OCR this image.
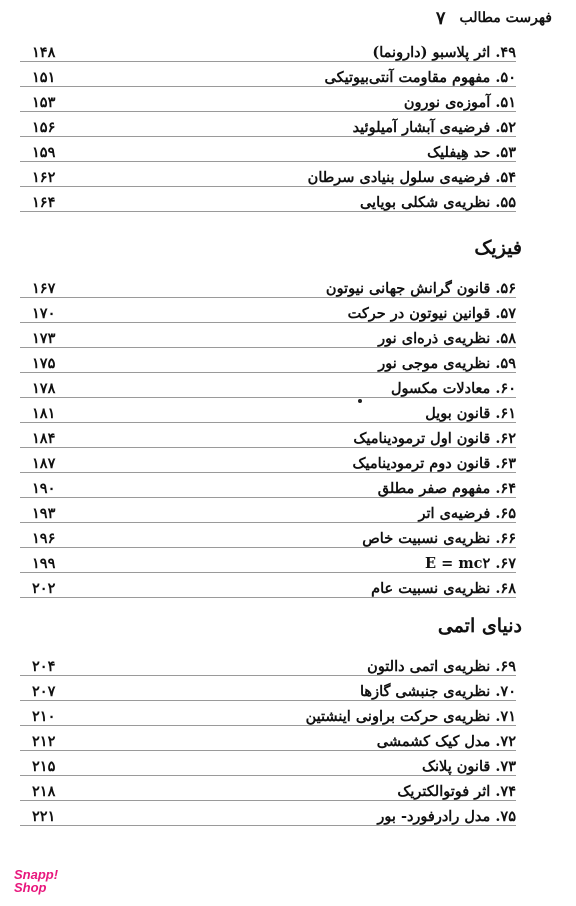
فهرست مطالب
۷
۴۹ . اثر پلاسبو (دارونما)
۱۴۸
۵۰ . مفهوم مقاومت آنتی‌بیوتیکی
۱۵۱
۵۱ . آموزه‌ی نورون
۱۵۳
۵۲ . فرضیه‌ی آبشار آمیلوئید
۱۵۶
۵۳ . حد هِیفلیک
۱۵۹
۵۴ . فرضیه‌ی سلول بنیادی سرطان
۱۶۲
۵۵ . نظریه‌ی شکلی بویایی
۱۶۴
فیزیک
۵۶ . قانون گرانش جهانی نیوتون
۱۶۷
۵۷ . قوانین نیوتون در حرکت
۱۷۰
۵۸ . نظریه‌ی ذره‌ای نور
۱۷۳
۵۹ . نظریه‌ی موجی نور
۱۷۵
۶۰ . معادلات مکسول
۱۷۸
۶۱ . قانون بویل
۱۸۱
۶۲ . قانون اول ترمودینامیک
۱۸۴
۶۳ . قانون دوم ترمودینامیک
۱۸۷
۶۴ . مفهوم صفر مطلق
۱۹۰
۶۵ . فرضیه‌ی اتر
۱۹۳
۶۶ . نظریه‌ی نسبیت خاص
۱۹۶
۶۷ . E = mc۲
۱۹۹
۶۸ . نظریه‌ی نسبیت عام
۲۰۲
دنیای اتمی
۶۹ . نظریه‌ی اتمی دالتون
۲۰۴
۷۰ . نظریه‌ی جنبشی گازها
۲۰۷
۷۱ . نظریه‌ی حرکت براونی اینشتین
۲۱۰
۷۲ . مدل کیک کشمشی
۲۱۲
۷۳ . قانون پلانک
۲۱۵
۷۴ . اثر فوتوالکتریک
۲۱۸
۷۵ . مدل رادرفورد- بور
۲۲۱
Snapp!
Shop
